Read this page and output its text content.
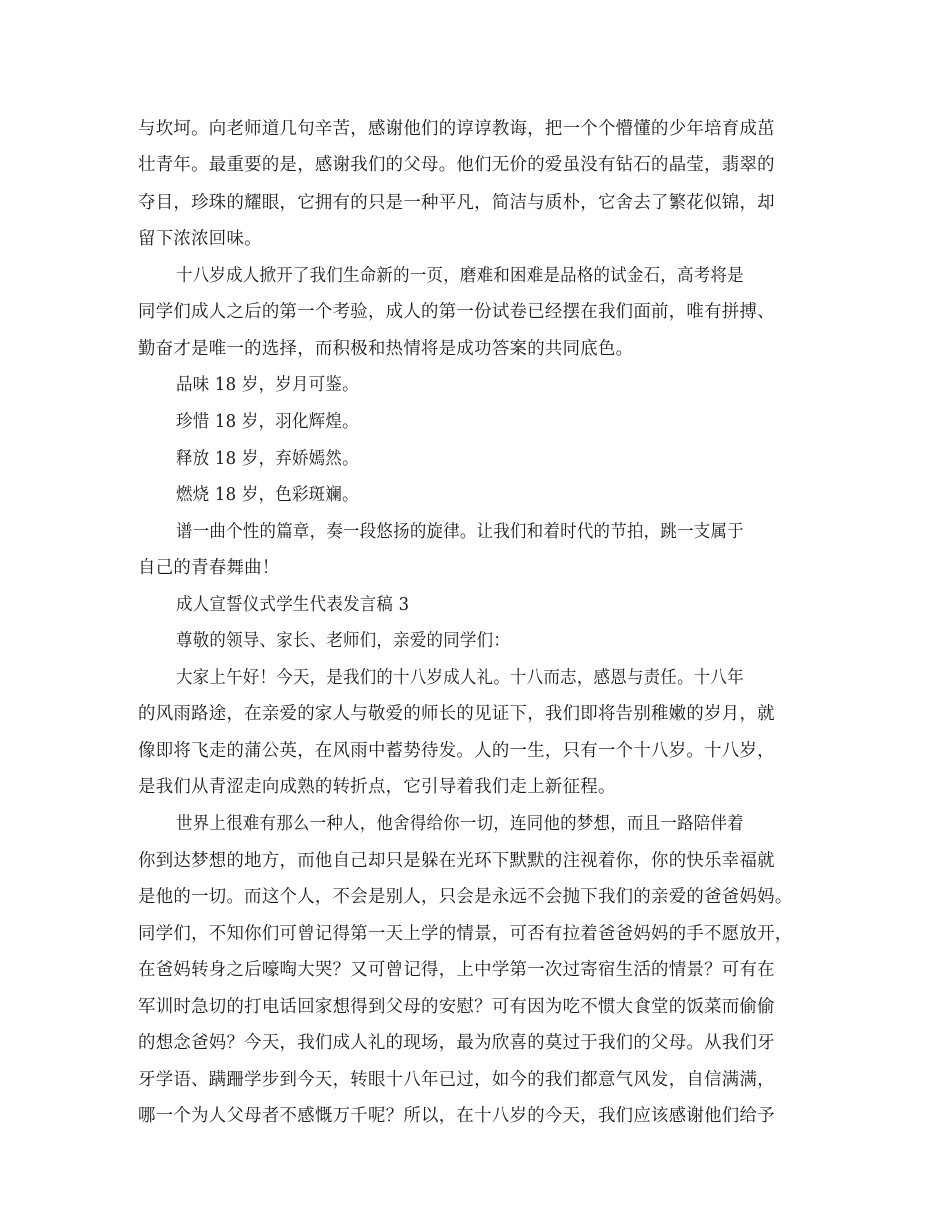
与坎坷。向老师道几句辛苦，感谢他们的谆谆教诲，把一个个懵懂的少年培育成茁
壮青年。最重要的是，感谢我们的父母。他们无价的爱虽没有钻石的晶莹，翡翠的
夺目，珍珠的耀眼，它拥有的只是一种平凡，简洁与质朴，它舍去了繁花似锦，却
留下浓浓回味。
十八岁成人掀开了我们生命新的一页，磨难和困难是品格的试金石，高考将是
同学们成人之后的第一个考验，成人的第一份试卷已经摆在我们面前，唯有拼搏、
勤奋才是唯一的选择，而积极和热情将是成功答案的共同底色。
品味 18 岁，岁月可鉴。
珍惜 18 岁，羽化辉煌。
释放 18 岁，弃娇嫣然。
燃烧 18 岁，色彩斑斓。
谱一曲个性的篇章，奏一段悠扬的旋律。让我们和着时代的节拍，跳一支属于
自己的青春舞曲！
成人宣誓仪式学生代表发言稿 3
尊敬的领导、家长、老师们，亲爱的同学们：
大家上午好！今天，是我们的十八岁成人礼。十八而志，感恩与责任。十八年
的风雨路途，在亲爱的家人与敬爱的师长的见证下，我们即将告别稚嫩的岁月，就
像即将飞走的蒲公英，在风雨中蓄势待发。人的一生，只有一个十八岁。十八岁，
是我们从青涩走向成熟的转折点，它引导着我们走上新征程。
世界上很难有那么一种人，他舍得给你一切，连同他的梦想，而且一路陪伴着
你到达梦想的地方，而他自己却只是躲在光环下默默的注视着你，你的快乐幸福就
是他的一切。而这个人，不会是别人，只会是永远不会抛下我们的亲爱的爸爸妈妈。
同学们，不知你们可曾记得第一天上学的情景，可否有拉着爸爸妈妈的手不愿放开，
在爸妈转身之后嚎啕大哭？又可曾记得，上中学第一次过寄宿生活的情景？可有在
军训时急切的打电话回家想得到父母的安慰？可有因为吃不惯大食堂的饭菜而偷偷
的想念爸妈？今天，我们成人礼的现场，最为欣喜的莫过于我们的父母。从我们牙
牙学语、蹒跚学步到今天，转眼十八年已过，如今的我们都意气风发，自信满满，
哪一个为人父母者不感慨万千呢？所以，在十八岁的今天，我们应该感谢他们给予
